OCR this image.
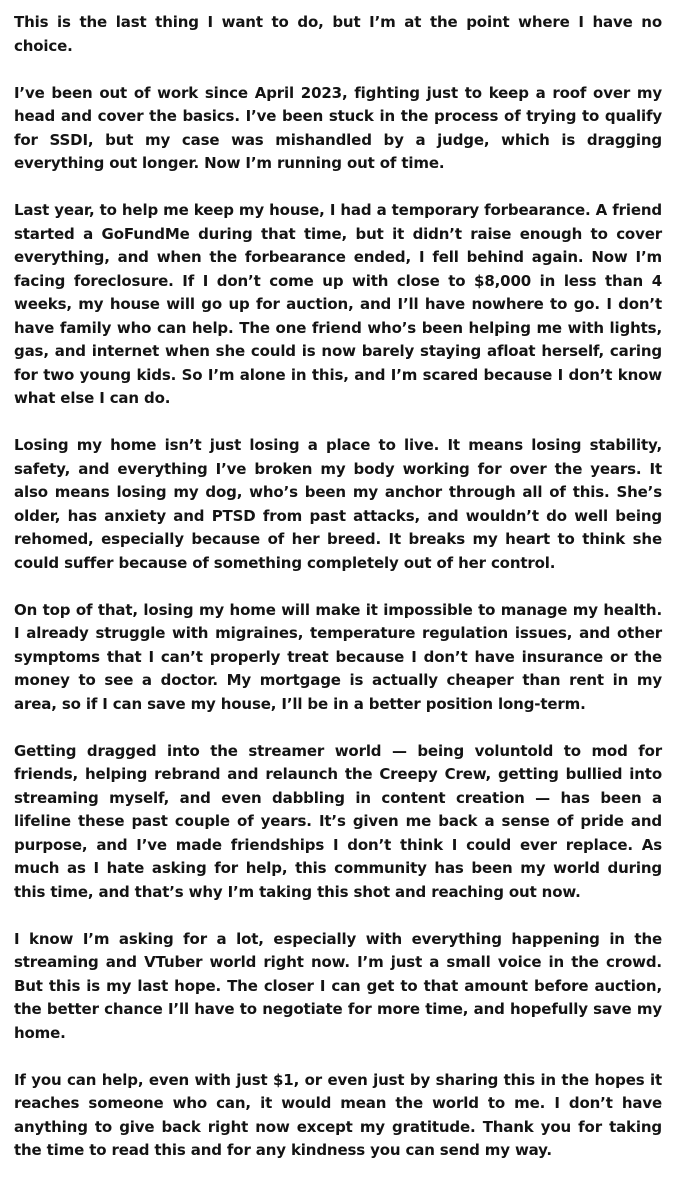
This is the last thing I want to do, but I’m at the point where I have no choice.

I’ve been out of work since April 2023, fighting just to keep a roof over my head and cover the basics. I’ve been stuck in the process of trying to qualify for SSDI, but my case was mishandled by a judge, which is dragging everything out longer. Now I’m running out of time.

Last year, to help me keep my house, I had a temporary forbearance. A friend started a GoFundMe during that time, but it didn’t raise enough to cover everything, and when the forbearance ended, I fell behind again. Now I’m facing foreclosure. If I don’t come up with close to $8,000 in less than 4 weeks, my house will go up for auction, and I’ll have nowhere to go. I don’t have family who can help. The one friend who’s been helping me with lights, gas, and internet when she could is now barely staying afloat herself, caring for two young kids. So I’m alone in this, and I’m scared because I don’t know what else I can do.

Losing my home isn’t just losing a place to live. It means losing stability, safety, and everything I’ve broken my body working for over the years. It also means losing my dog, who’s been my anchor through all of this. She’s older, has anxiety and PTSD from past attacks, and wouldn’t do well being rehomed, especially because of her breed. It breaks my heart to think she could suffer because of something completely out of her control.

On top of that, losing my home will make it impossible to manage my health. I already struggle with migraines, temperature regulation issues, and other symptoms that I can’t properly treat because I don’t have insurance or the money to see a doctor. My mortgage is actually cheaper than rent in my area, so if I can save my house, I’ll be in a better position long-term.

Getting dragged into the streamer world — being voluntold to mod for friends, helping rebrand and relaunch the Creepy Crew, getting bullied into streaming myself, and even dabbling in content creation — has been a lifeline these past couple of years. It’s given me back a sense of pride and purpose, and I’ve made friendships I don’t think I could ever replace. As much as I hate asking for help, this community has been my world during this time, and that’s why I’m taking this shot and reaching out now.

I know I’m asking for a lot, especially with everything happening in the streaming and VTuber world right now. I’m just a small voice in the crowd. But this is my last hope. The closer I can get to that amount before auction, the better chance I’ll have to negotiate for more time, and hopefully save my home.

If you can help, even with just $1, or even just by sharing this in the hopes it reaches someone who can, it would mean the world to me. I don’t have anything to give back right now except my gratitude. Thank you for taking the time to read this and for any kindness you can send my way.
